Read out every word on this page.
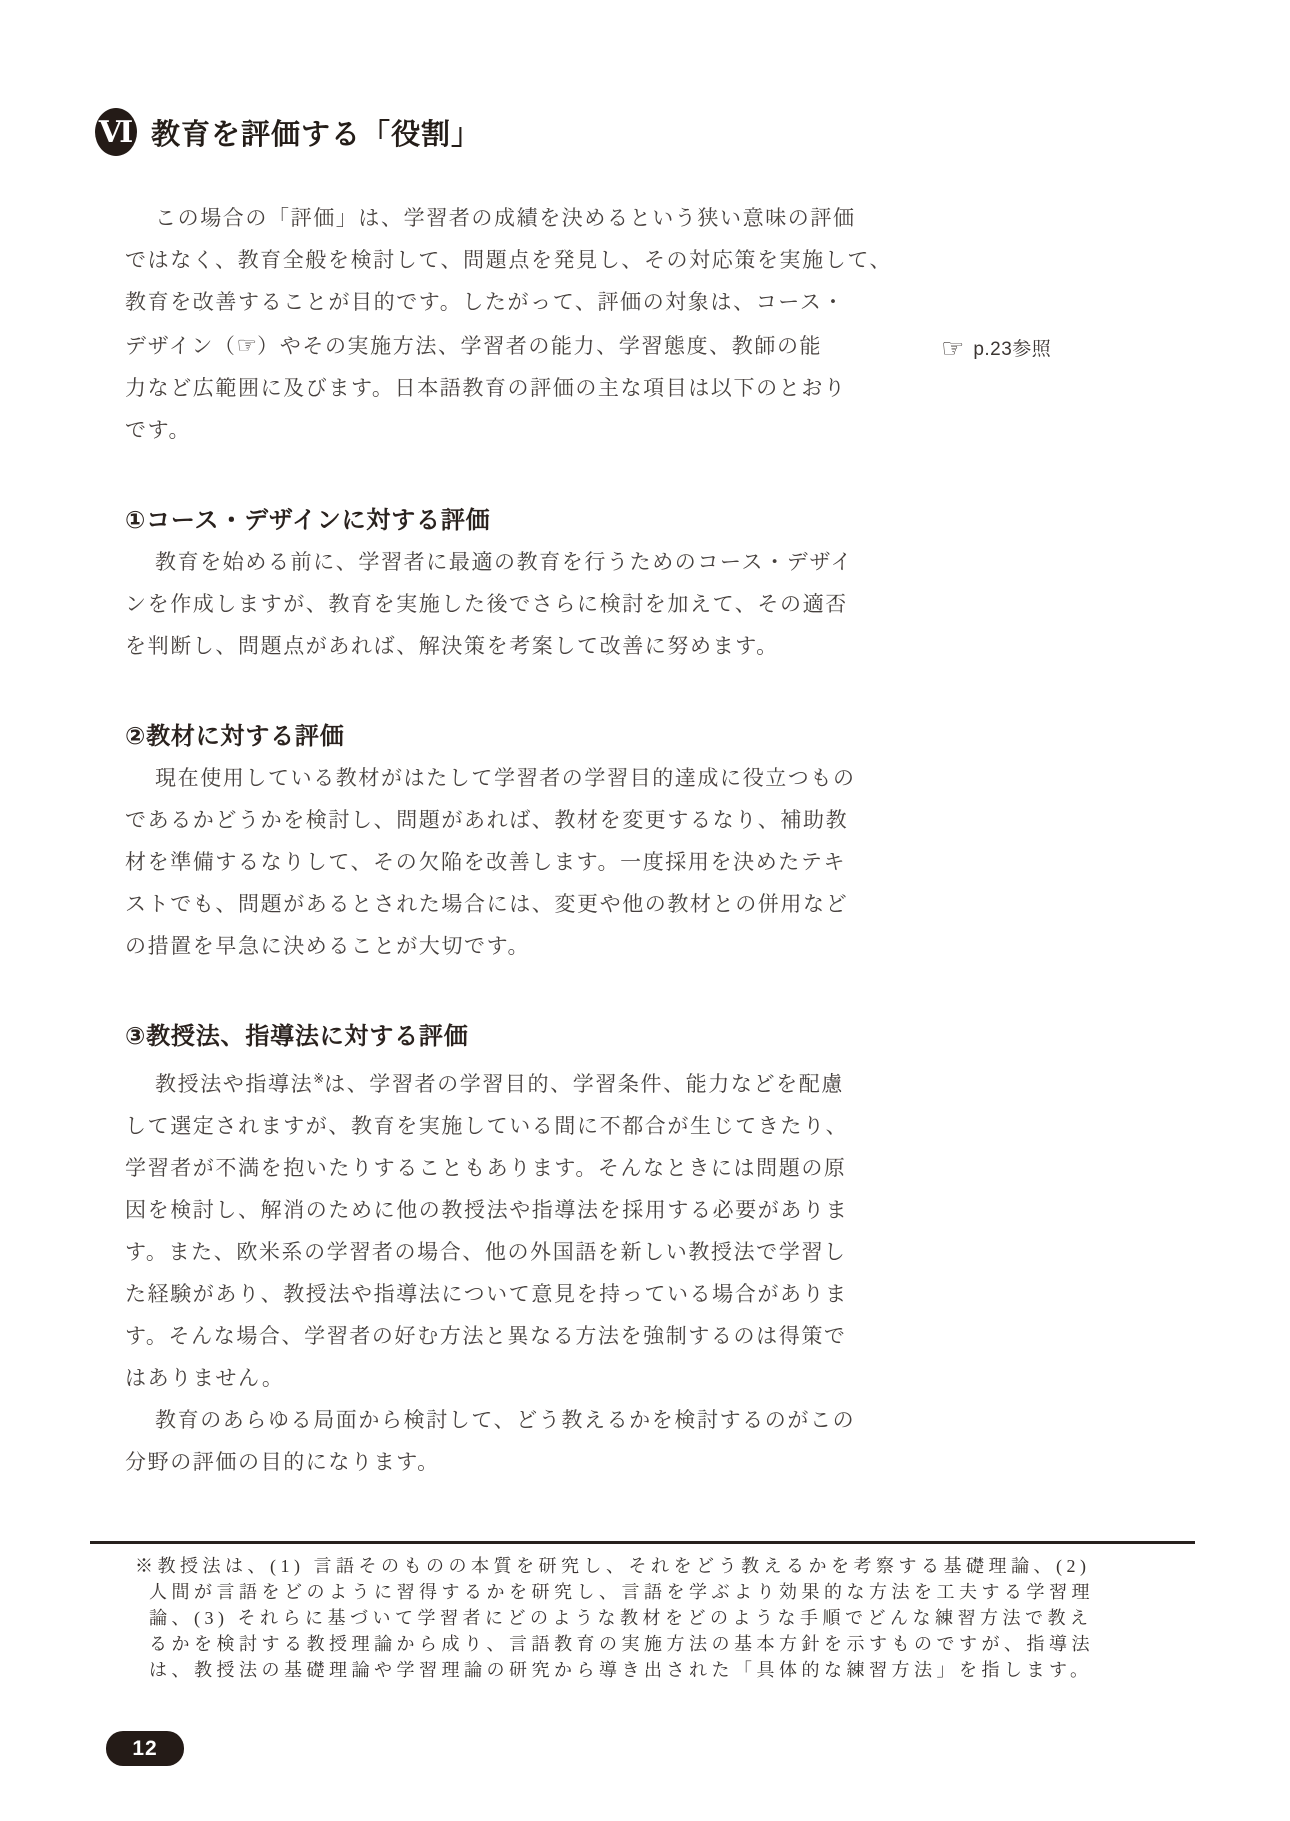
Ⅵ 教育を評価する「役割」
☞ p.23参照
この場合の「評価」は、学習者の成績を決めるという狭い意味の評価
ではなく、教育全般を検討して、問題点を発見し、その対応策を実施して、
教育を改善することが目的です。したがって、評価の対象は、コース・
デザイン（☞）やその実施方法、学習者の能力、学習態度、教師の能
力など広範囲に及びます。日本語教育の評価の主な項目は以下のとおり
です。
①コース・デザインに対する評価
教育を始める前に、学習者に最適の教育を行うためのコース・デザイ
ンを作成しますが、教育を実施した後でさらに検討を加えて、その適否
を判断し、問題点があれば、解決策を考案して改善に努めます。
②教材に対する評価
現在使用している教材がはたして学習者の学習目的達成に役立つもの
であるかどうかを検討し、問題があれば、教材を変更するなり、補助教
材を準備するなりして、その欠陥を改善します。一度採用を決めたテキ
ストでも、問題があるとされた場合には、変更や他の教材との併用など
の措置を早急に決めることが大切です。
③教授法、指導法に対する評価
教授法や指導法※は、学習者の学習目的、学習条件、能力などを配慮
して選定されますが、教育を実施している間に不都合が生じてきたり、
学習者が不満を抱いたりすることもあります。そんなときには問題の原
因を検討し、解消のために他の教授法や指導法を採用する必要がありま
す。また、欧米系の学習者の場合、他の外国語を新しい教授法で学習し
た経験があり、教授法や指導法について意見を持っている場合がありま
す。そんな場合、学習者の好む方法と異なる方法を強制するのは得策で
はありません。
教育のあらゆる局面から検討して、どう教えるかを検討するのがこの
分野の評価の目的になります。
※教授法は、(1) 言語そのものの本質を研究し、それをどう教えるかを考察する基礎理論、(2)
人間が言語をどのように習得するかを研究し、言語を学ぶより効果的な方法を工夫する学習理
論、(3) それらに基づいて学習者にどのような教材をどのような手順でどんな練習方法で教え
るかを検討する教授理論から成り、言語教育の実施方法の基本方針を示すものですが、指導法
は、教授法の基礎理論や学習理論の研究から導き出された「具体的な練習方法」を指します。
12
